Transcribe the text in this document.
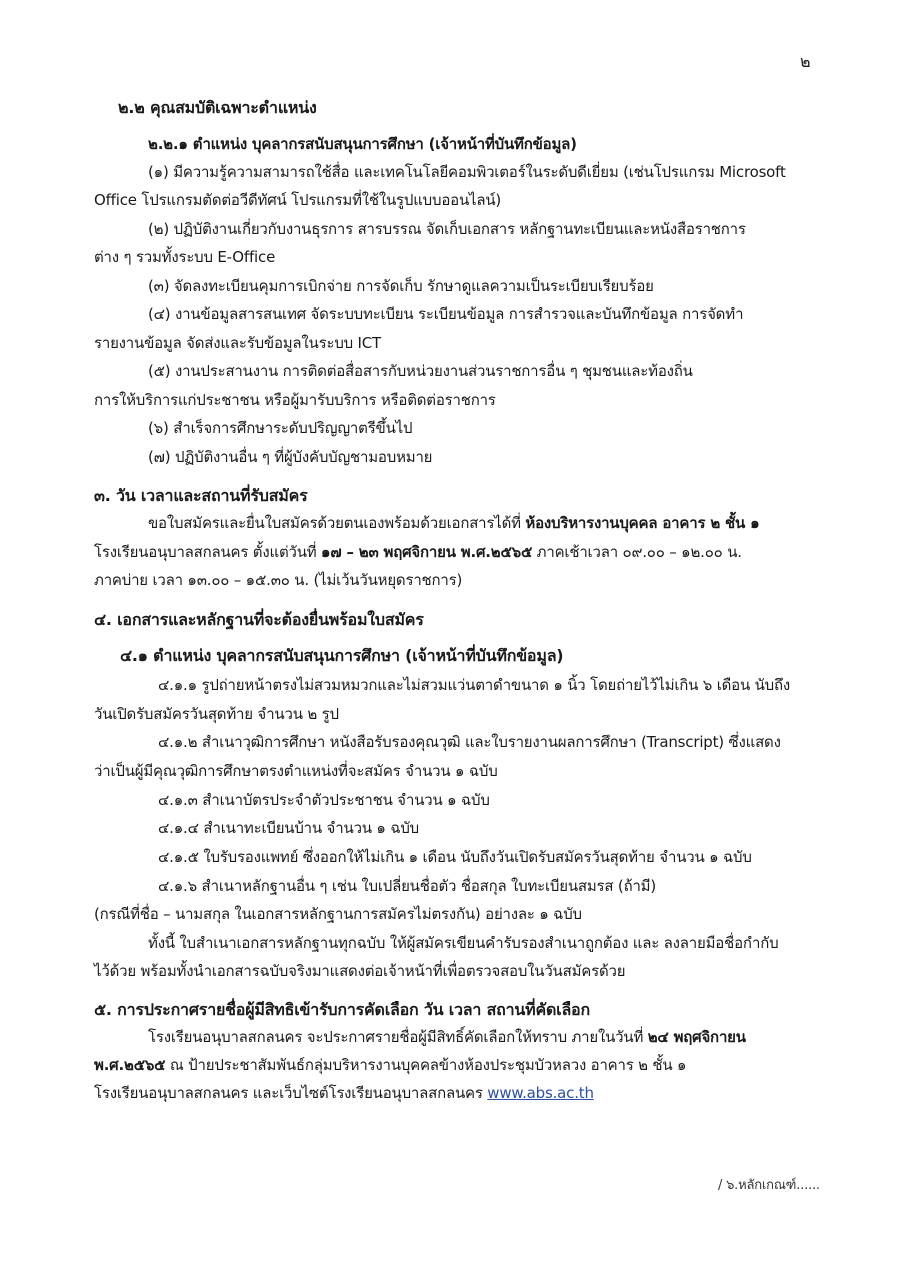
๒
๒.๒ คุณสมบัติเฉพาะตำแหน่ง
๒.๒.๑ ตำแหน่ง บุคลากรสนับสนุนการศึกษา (เจ้าหน้าที่บันทึกข้อมูล)
(๑) มีความรู้ความสามารถใช้สื่อ และเทคโนโลยีคอมพิวเตอร์ในระดับดีเยี่ยม (เช่นโปรแกรม Microsoft
Office โปรแกรมตัดต่อวีดีทัศน์ โปรแกรมที่ใช้ในรูปแบบออนไลน์)
(๒) ปฏิบัติงานเกี่ยวกับงานธุรการ สารบรรณ จัดเก็บเอกสาร หลักฐานทะเบียนและหนังสือราชการ
ต่าง ๆ รวมทั้งระบบ E-Office
(๓) จัดลงทะเบียนคุมการเบิกจ่าย การจัดเก็บ รักษาดูแลความเป็นระเบียบเรียบร้อย
(๔) งานข้อมูลสารสนเทศ จัดระบบทะเบียน ระเบียนข้อมูล การสำรวจและบันทึกข้อมูล การจัดทำ
รายงานข้อมูล จัดส่งและรับข้อมูลในระบบ ICT
(๕) งานประสานงาน การติดต่อสื่อสารกับหน่วยงานส่วนราชการอื่น ๆ ชุมชนและท้องถิ่น
การให้บริการแก่ประชาชน หรือผู้มารับบริการ หรือติดต่อราชการ
(๖) สำเร็จการศึกษาระดับปริญญาตรีขึ้นไป
(๗) ปฏิบัติงานอื่น ๆ ที่ผู้บังคับบัญชามอบหมาย
๓. วัน เวลาและสถานที่รับสมัคร
ขอใบสมัครและยื่นใบสมัครด้วยตนเองพร้อมด้วยเอกสารได้ที่ ห้องบริหารงานบุคคล อาคาร ๒ ชั้น ๑
โรงเรียนอนุบาลสกลนคร ตั้งแต่วันที่ ๑๗ – ๒๓ พฤศจิกายน พ.ศ.๒๕๖๕ ภาคเช้าเวลา ๐๙.๐๐ – ๑๒.๐๐ น.
ภาคบ่าย เวลา ๑๓.๐๐ – ๑๕.๓๐ น. (ไม่เว้นวันหยุดราชการ)
๔. เอกสารและหลักฐานที่จะต้องยื่นพร้อมใบสมัคร
๔.๑ ตำแหน่ง บุคลากรสนับสนุนการศึกษา (เจ้าหน้าที่บันทึกข้อมูล)
๔.๑.๑ รูปถ่ายหน้าตรงไม่สวมหมวกและไม่สวมแว่นตาดำขนาด ๑ นิ้ว โดยถ่ายไว้ไม่เกิน ๖ เดือน นับถึง
วันเปิดรับสมัครวันสุดท้าย จำนวน ๒ รูป
๔.๑.๒ สำเนาวุฒิการศึกษา หนังสือรับรองคุณวุฒิ และใบรายงานผลการศึกษา (Transcript) ซึ่งแสดง
ว่าเป็นผู้มีคุณวุฒิการศึกษาตรงตำแหน่งที่จะสมัคร จำนวน ๑ ฉบับ
๔.๑.๓ สำเนาบัตรประจำตัวประชาชน จำนวน ๑ ฉบับ
๔.๑.๔ สำเนาทะเบียนบ้าน จำนวน ๑ ฉบับ
๔.๑.๕ ใบรับรองแพทย์ ซึ่งออกให้ไม่เกิน ๑ เดือน นับถึงวันเปิดรับสมัครวันสุดท้าย จำนวน ๑ ฉบับ
๔.๑.๖ สำเนาหลักฐานอื่น ๆ เช่น ใบเปลี่ยนชื่อตัว ชื่อสกุล ใบทะเบียนสมรส (ถ้ามี)
(กรณีที่ชื่อ – นามสกุล ในเอกสารหลักฐานการสมัครไม่ตรงกัน) อย่างละ ๑ ฉบับ
ทั้งนี้ ใบสำเนาเอกสารหลักฐานทุกฉบับ ให้ผู้สมัครเขียนคำรับรองสำเนาถูกต้อง และ ลงลายมือชื่อกำกับ
ไว้ด้วย พร้อมทั้งนำเอกสารฉบับจริงมาแสดงต่อเจ้าหน้าที่เพื่อตรวจสอบในวันสมัครด้วย
๕. การประกาศรายชื่อผู้มีสิทธิเข้ารับการคัดเลือก วัน เวลา สถานที่คัดเลือก
โรงเรียนอนุบาลสกลนคร จะประกาศรายชื่อผู้มีสิทธิ์คัดเลือกให้ทราบ ภายในวันที่ ๒๔ พฤศจิกายน
พ.ศ.๒๕๖๕ ณ ป้ายประชาสัมพันธ์กลุ่มบริหารงานบุคคลข้างห้องประชุมบัวหลวง อาคาร ๒ ชั้น ๑
โรงเรียนอนุบาลสกลนคร และเว็บไซต์โรงเรียนอนุบาลสกลนคร www.abs.ac.th
/ ๖.หลักเกณฑ์......
